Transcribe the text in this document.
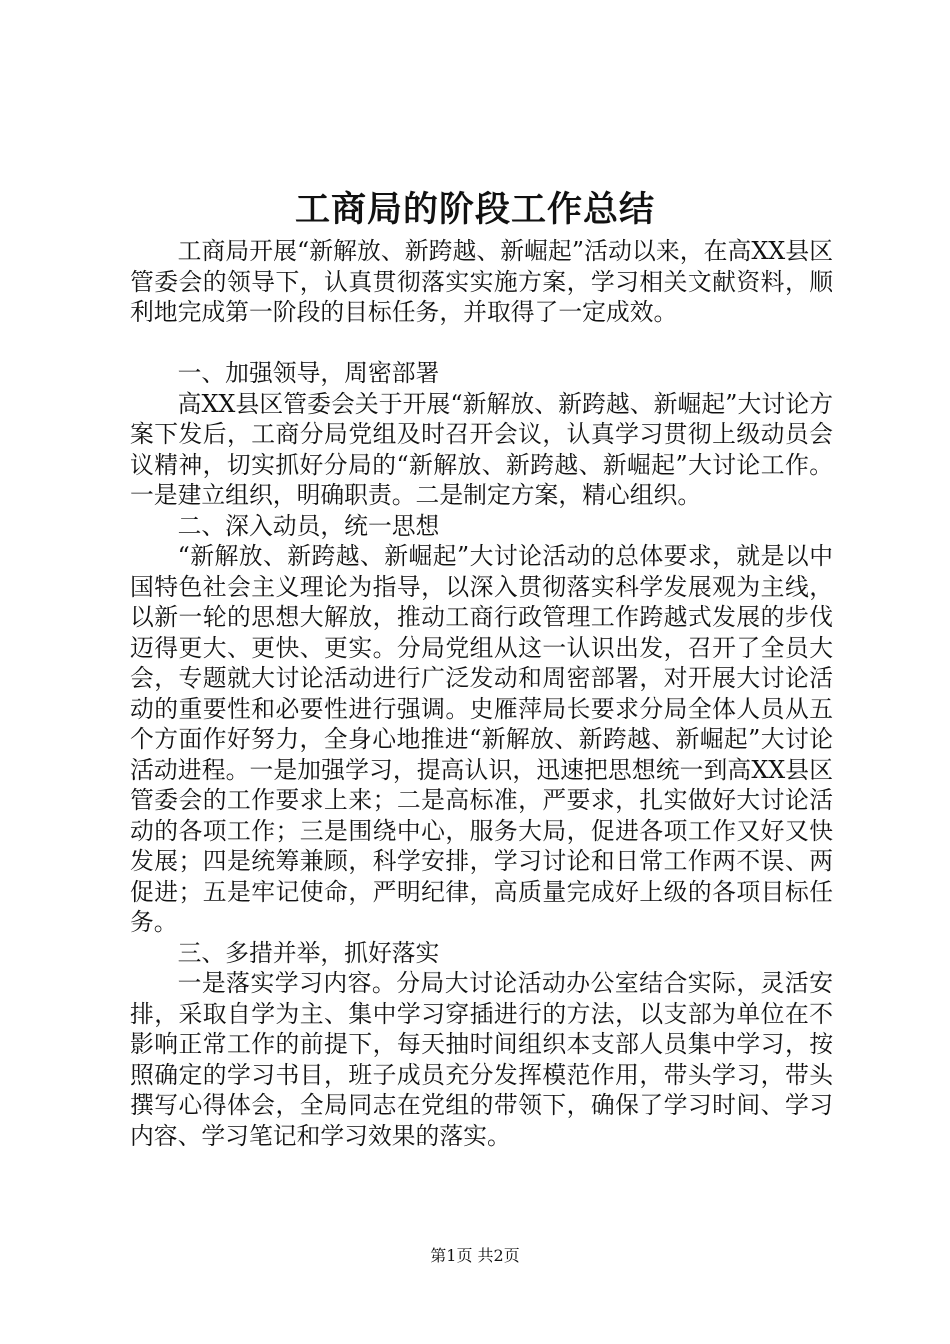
工商局的阶段工作总结

工商局开展“新解放、新跨越、新崛起”活动以来，在高XX县区管委会的领导下，认真贯彻落实实施方案，学习相关文献资料，顺利地完成第一阶段的目标任务，并取得了一定成效。

一、加强领导，周密部署

高XX县区管委会关于开展“新解放、新跨越、新崛起”大讨论方案下发后，工商分局党组及时召开会议，认真学习贯彻上级动员会议精神，切实抓好分局的“新解放、新跨越、新崛起”大讨论工作。一是建立组织，明确职责。二是制定方案，精心组织。

二、深入动员，统一思想

“新解放、新跨越、新崛起”大讨论活动的总体要求，就是以中国特色社会主义理论为指导，以深入贯彻落实科学发展观为主线，以新一轮的思想大解放，推动工商行政管理工作跨越式发展的步伐迈得更大、更快、更实。分局党组从这一认识出发，召开了全员大会，专题就大讨论活动进行广泛发动和周密部署，对开展大讨论活动的重要性和必要性进行强调。史雁萍局长要求分局全体人员从五个方面作好努力，全身心地推进“新解放、新跨越、新崛起”大讨论活动进程。一是加强学习，提高认识，迅速把思想统一到高XX县区管委会的工作要求上来；二是高标准，严要求，扎实做好大讨论活动的各项工作；三是围绕中心，服务大局，促进各项工作又好又快发展；四是统筹兼顾，科学安排，学习讨论和日常工作两不误、两促进；五是牢记使命，严明纪律，高质量完成好上级的各项目标任务。

三、多措并举，抓好落实

一是落实学习内容。分局大讨论活动办公室结合实际，灵活安排，采取自学为主、集中学习穿插进行的方法，以支部为单位在不影响正常工作的前提下，每天抽时间组织本支部人员集中学习，按照确定的学习书目，班子成员充分发挥模范作用，带头学习，带头撰写心得体会，全局同志在党组的带领下，确保了学习时间、学习内容、学习笔记和学习效果的落实。

第1页 共2页
